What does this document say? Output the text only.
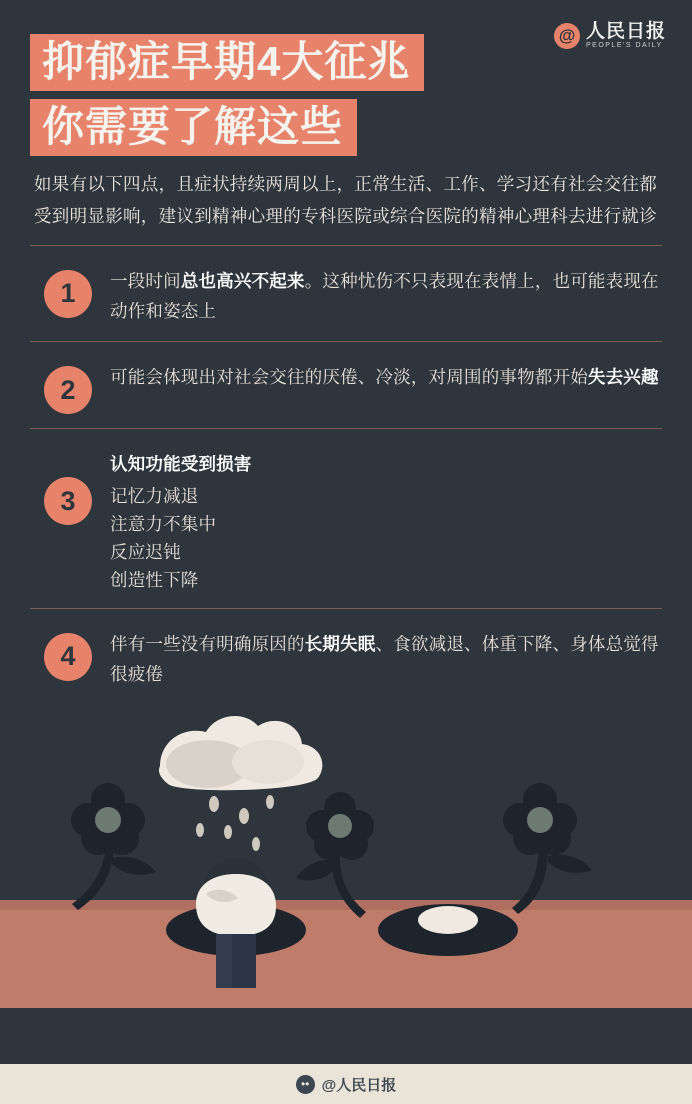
@ 人民日报
PEOPLE'S DAILY
抑郁症早期4大征兆
你需要了解这些
如果有以下四点，且症状持续两周以上，正常生活、工作、学习还有社会交往都受到明显影响，建议到精神心理的专科医院或综合医院的精神心理科去进行就诊
1	一段时间总也高兴不起来。这种忧伤不只表现在表情上，也可能表现在动作和姿态上
2	可能会体现出对社会交往的厌倦、冷淡，对周围的事物都开始失去兴趣
3
认知功能受到损害
记忆力减退
注意力不集中
反应迟钝
创造性下降
4	伴有一些没有明确原因的长期失眠、食欲减退、体重下降、身体总觉得很疲倦
•• @人民日报
